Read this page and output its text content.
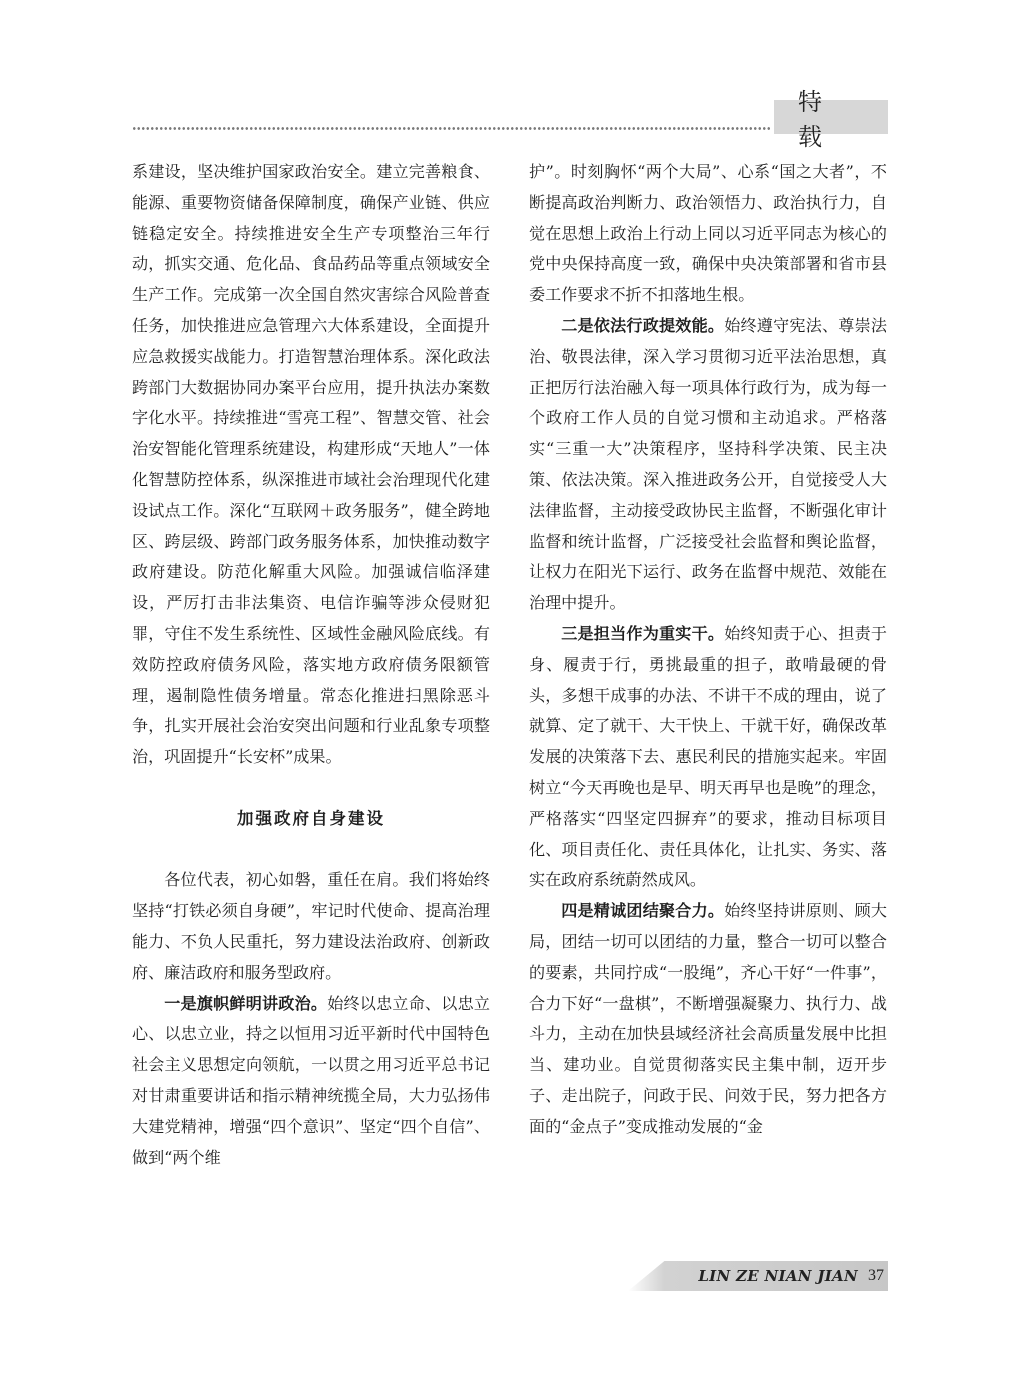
特 载

系建设，坚决维护国家政治安全。建立完善粮食、能源、重要物资储备保障制度，确保产业链、供应链稳定安全。持续推进安全生产专项整治三年行动，抓实交通、危化品、食品药品等重点领域安全生产工作。完成第一次全国自然灾害综合风险普查任务，加快推进应急管理六大体系建设，全面提升应急救援实战能力。打造智慧治理体系。深化政法跨部门大数据协同办案平台应用，提升执法办案数字化水平。持续推进“雪亮工程”、智慧交管、社会治安智能化管理系统建设，构建形成“天地人”一体化智慧防控体系，纵深推进市域社会治理现代化建设试点工作。深化“互联网＋政务服务”，健全跨地区、跨层级、跨部门政务服务体系，加快推动数字政府建设。防范化解重大风险。加强诚信临泽建设，严厉打击非法集资、电信诈骗等涉众侵财犯罪，守住不发生系统性、区域性金融风险底线。有效防控政府债务风险，落实地方政府债务限额管理，遏制隐性债务增量。常态化推进扫黑除恶斗争，扎实开展社会治安突出问题和行业乱象专项整治，巩固提升“长安杯”成果。

加强政府自身建设

各位代表，初心如磐，重任在肩。我们将始终坚持“打铁必须自身硬”，牢记时代使命、提高治理能力、不负人民重托，努力建设法治政府、创新政府、廉洁政府和服务型政府。

一是旗帜鲜明讲政治。始终以忠立命、以忠立心、以忠立业，持之以恒用习近平新时代中国特色社会主义思想定向领航，一以贯之用习近平总书记对甘肃重要讲话和指示精神统揽全局，大力弘扬伟大建党精神，增强“四个意识”、坚定“四个自信”、做到“两个维

护”。时刻胸怀“两个大局”、心系“国之大者”，不断提高政治判断力、政治领悟力、政治执行力，自觉在思想上政治上行动上同以习近平同志为核心的党中央保持高度一致，确保中央决策部署和省市县委工作要求不折不扣落地生根。

二是依法行政提效能。始终遵守宪法、尊崇法治、敬畏法律，深入学习贯彻习近平法治思想，真正把厉行法治融入每一项具体行政行为，成为每一个政府工作人员的自觉习惯和主动追求。严格落实“三重一大”决策程序，坚持科学决策、民主决策、依法决策。深入推进政务公开，自觉接受人大法律监督，主动接受政协民主监督，不断强化审计监督和统计监督，广泛接受社会监督和舆论监督，让权力在阳光下运行、政务在监督中规范、效能在治理中提升。

三是担当作为重实干。始终知责于心、担责于身、履责于行，勇挑最重的担子，敢啃最硬的骨头，多想干成事的办法、不讲干不成的理由，说了就算、定了就干、大干快上、干就干好，确保改革发展的决策落下去、惠民利民的措施实起来。牢固树立“今天再晚也是早、明天再早也是晚”的理念，严格落实“四坚定四摒弃”的要求，推动目标项目化、项目责任化、责任具体化，让扎实、务实、落实在政府系统蔚然成风。

四是精诚团结聚合力。始终坚持讲原则、顾大局，团结一切可以团结的力量，整合一切可以整合的要素，共同拧成“一股绳”，齐心干好“一件事”，合力下好“一盘棋”，不断增强凝聚力、执行力、战斗力，主动在加快县域经济社会高质量发展中比担当、建功业。自觉贯彻落实民主集中制，迈开步子、走出院子，问政于民、问效于民，努力把各方面的“金点子”变成推动发展的“金

LIN ZE NIAN JIAN 37
